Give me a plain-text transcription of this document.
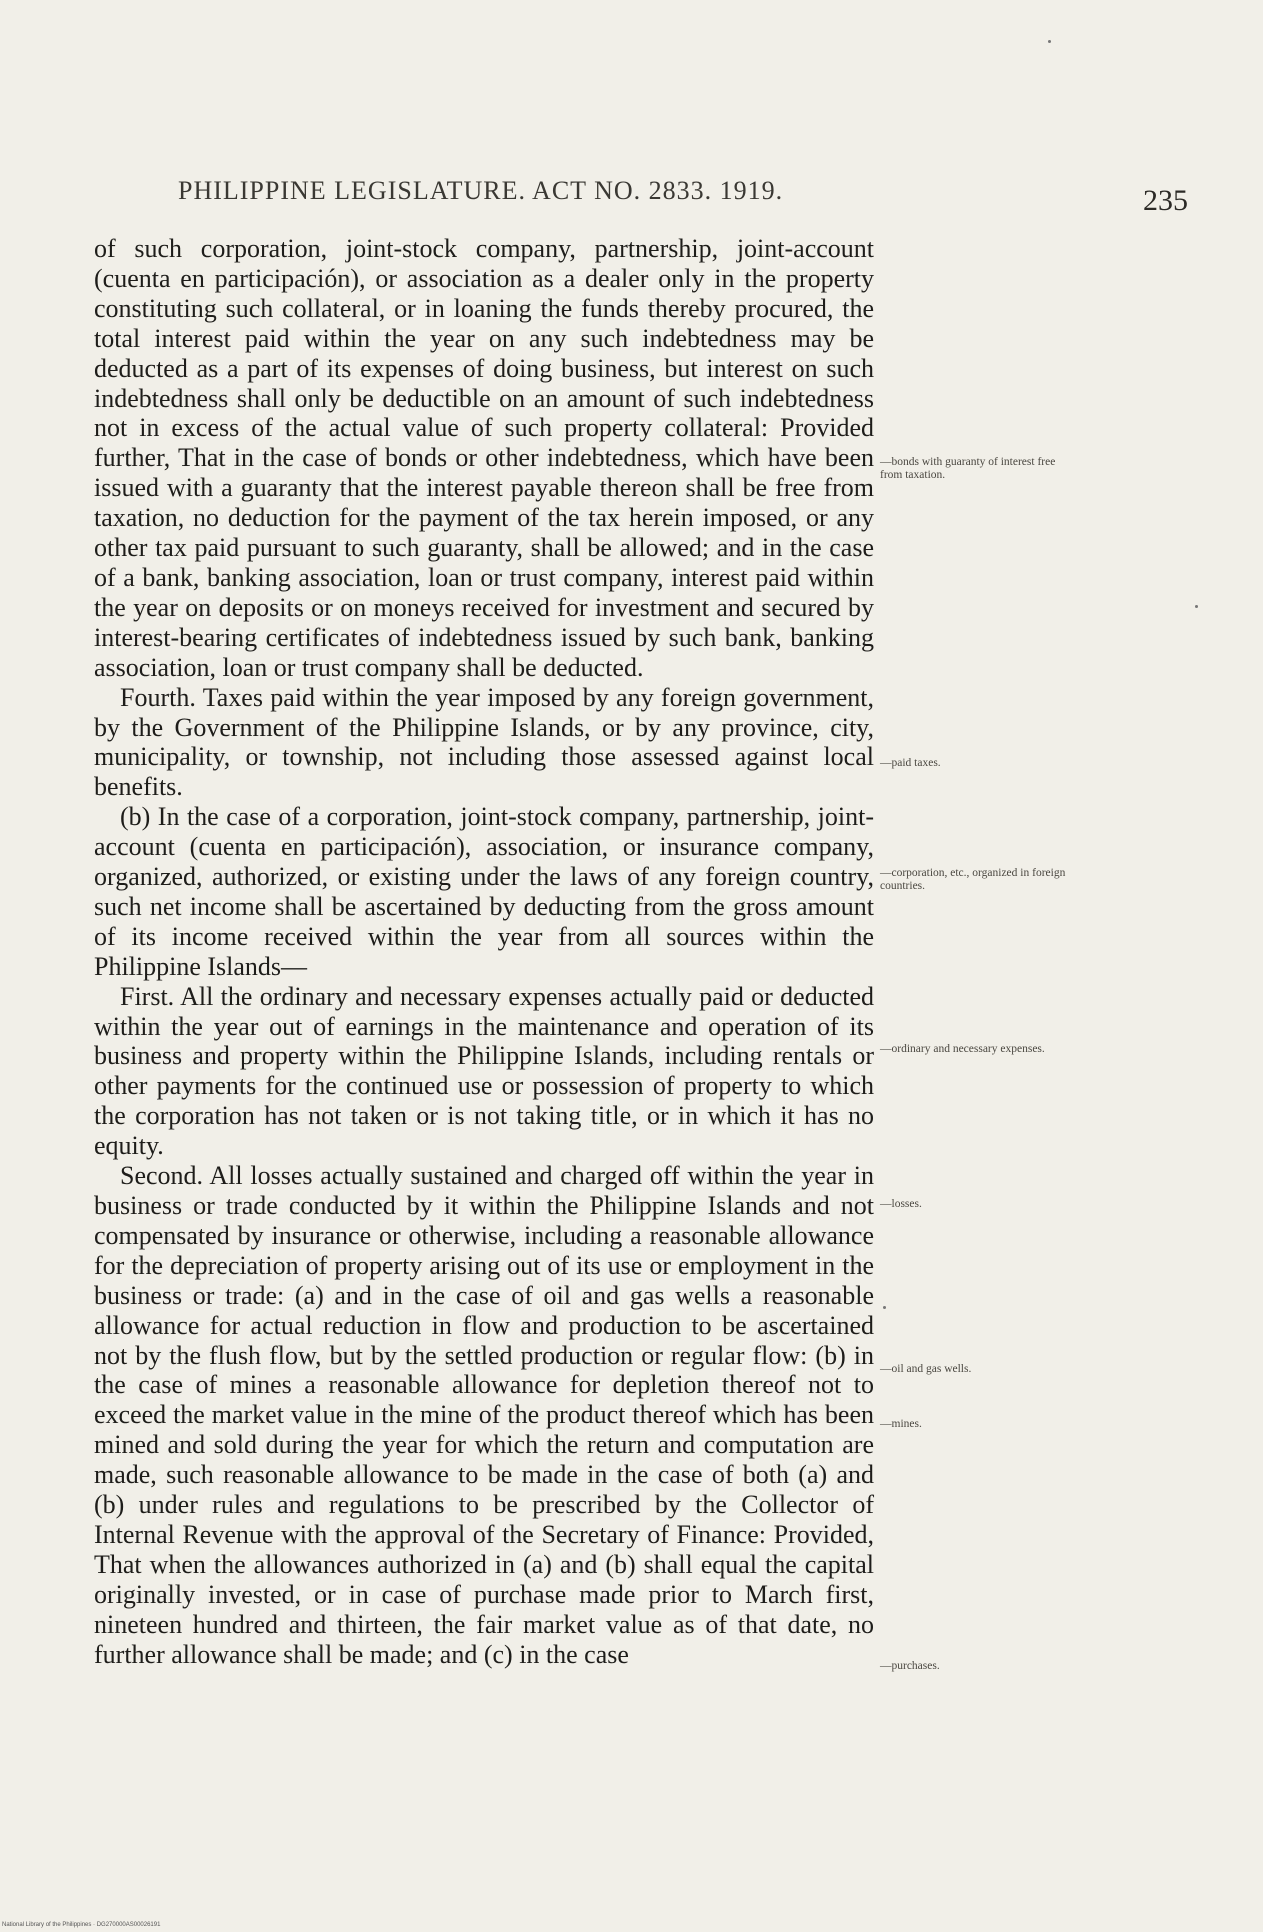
PHILIPPINE LEGISLATURE. ACT NO. 2833. 1919.	235

of such corporation, joint-stock company, partnership, joint-account (cuenta en participación), or association as a dealer only in the property constituting such collateral, or in loaning the funds thereby procured, the total interest paid within the year on any such indebtedness may be deducted as a part of its expenses of doing business, but interest on such indebtedness shall only be deductible on an amount of such indebtedness not in excess of the actual value of such property collateral: Provided further, That in the case of bonds or other indebtedness, which have been issued with a guaranty that the interest payable thereon shall be free from taxation, no deduction for the payment of the tax herein imposed, or any other tax paid pursuant to such guaranty, shall be allowed; and in the case of a bank, banking association, loan or trust company, interest paid within the year on deposits or on moneys received for investment and secured by interest-bearing certificates of indebtedness issued by such bank, banking association, loan or trust company shall be deducted.

Fourth. Taxes paid within the year imposed by any foreign government, by the Government of the Philippine Islands, or by any province, city, municipality, or township, not including those assessed against local benefits.

(b) In the case of a corporation, joint-stock company, partnership, joint-account (cuenta en participación), association, or insurance company, organized, authorized, or existing under the laws of any foreign country, such net income shall be ascertained by deducting from the gross amount of its income received within the year from all sources within the Philippine Islands—

First. All the ordinary and necessary expenses actually paid or deducted within the year out of earnings in the maintenance and operation of its business and property within the Philippine Islands, including rentals or other payments for the continued use or possession of property to which the corporation has not taken or is not taking title, or in which it has no equity.

Second. All losses actually sustained and charged off within the year in business or trade conducted by it within the Philippine Islands and not compensated by insurance or otherwise, including a reasonable allowance for the depreciation of property arising out of its use or employment in the business or trade: (a) and in the case of oil and gas wells a reasonable allowance for actual reduction in flow and production to be ascertained not by the flush flow, but by the settled production or regular flow: (b) in the case of mines a reasonable allowance for depletion thereof not to exceed the market value in the mine of the product thereof which has been mined and sold during the year for which the return and computation are made, such reasonable allowance to be made in the case of both (a) and (b) under rules and regulations to be prescribed by the Collector of Internal Revenue with the approval of the Secretary of Finance: Provided, That when the allowances authorized in (a) and (b) shall equal the capital originally invested, or in case of purchase made prior to March first, nineteen hundred and thirteen, the fair market value as of that date, no further allowance shall be made; and (c) in the case

—bonds with guaranty of interest free from taxation.
—paid taxes.
—corporation, etc., organized in foreign countries.
—ordinary and necessary expenses.
—losses.
—oil and gas wells.
—mines.
—purchases.
National Library of the Philippines · DG270000AS00026191
